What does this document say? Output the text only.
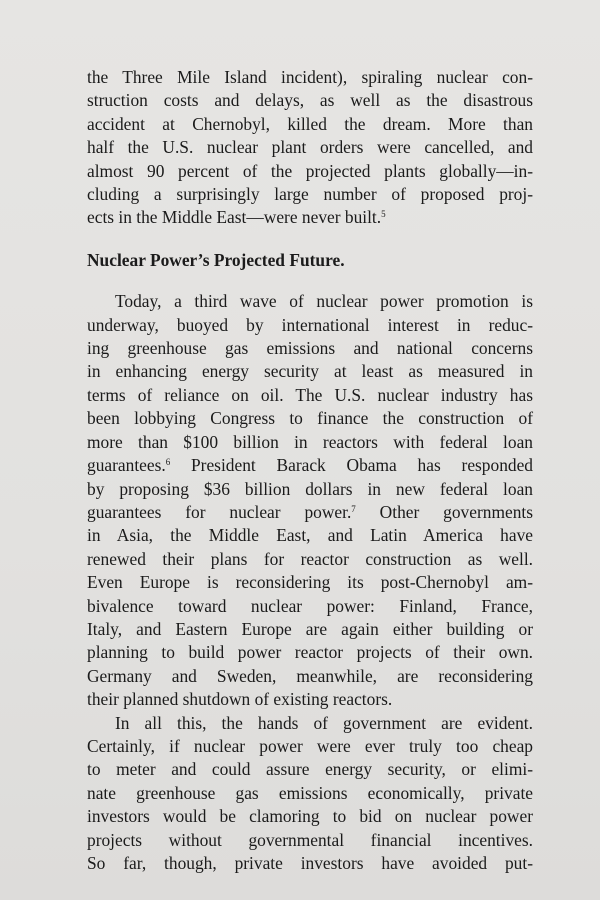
the Three Mile Island incident), spiraling nuclear con-
struction costs and delays, as well as the disastrous
accident at Chernobyl, killed the dream. More than
half the U.S. nuclear plant orders were cancelled, and
almost 90 percent of the projected plants globally—in-
cluding a surprisingly large number of proposed proj-
ects in the Middle East—were never built.$^5$
Nuclear Power’s Projected Future.
Today, a third wave of nuclear power promotion is
underway, buoyed by international interest in reduc-
ing greenhouse gas emissions and national concerns
in enhancing energy security at least as measured in
terms of reliance on oil. The U.S. nuclear industry has
been lobbying Congress to finance the construction of
more than $100 billion in reactors with federal loan
guarantees.$^6$ President Barack Obama has responded
by proposing $36 billion dollars in new federal loan
guarantees for nuclear power.$^7$ Other governments
in Asia, the Middle East, and Latin America have
renewed their plans for reactor construction as well.
Even Europe is reconsidering its post-Chernobyl am-
bivalence toward nuclear power: Finland, France,
Italy, and Eastern Europe are again either building or
planning to build power reactor projects of their own.
Germany and Sweden, meanwhile, are reconsidering
their planned shutdown of existing reactors.
In all this, the hands of government are evident.
Certainly, if nuclear power were ever truly too cheap
to meter and could assure energy security, or elimi-
nate greenhouse gas emissions economically, private
investors would be clamoring to bid on nuclear power
projects without governmental financial incentives.
So far, though, private investors have avoided put-
